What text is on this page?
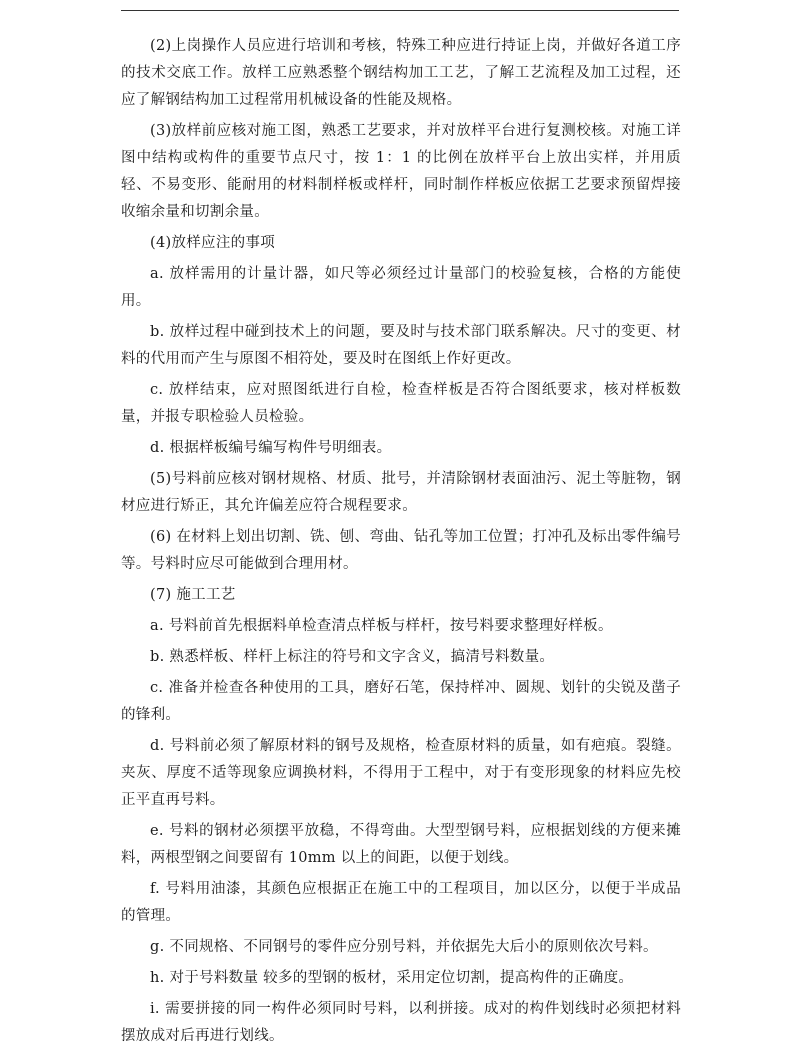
(2)上岗操作人员应进行培训和考核，特殊工种应进行持证上岗，并做好各道工序的技术交底工作。放样工应熟悉整个钢结构加工工艺，了解工艺流程及加工过程，还应了解钢结构加工过程常用机械设备的性能及规格。

(3)放样前应核对施工图，熟悉工艺要求，并对放样平台进行复测校核。对施工详图中结构或构件的重要节点尺寸，按 1：1 的比例在放样平台上放出实样，并用质轻、不易变形、能耐用的材料制样板或样杆，同时制作样板应依据工艺要求预留焊接收缩余量和切割余量。

(4)放样应注的事项

a. 放样需用的计量计器，如尺等必须经过计量部门的校验复核，合格的方能使用。

b. 放样过程中碰到技术上的问题，要及时与技术部门联系解决。尺寸的变更、材料的代用而产生与原图不相符处，要及时在图纸上作好更改。

c. 放样结束，应对照图纸进行自检，检查样板是否符合图纸要求，核对样板数量，并报专职检验人员检验。

d. 根据样板编号编写构件号明细表。

(5)号料前应核对钢材规格、材质、批号，并清除钢材表面油污、泥土等脏物，钢材应进行矫正，其允许偏差应符合规程要求。

(6) 在材料上划出切割、铣、刨、弯曲、钻孔等加工位置；打冲孔及标出零件编号等。号料时应尽可能做到合理用材。

(7) 施工工艺

a. 号料前首先根据料单检查清点样板与样杆，按号料要求整理好样板。

b. 熟悉样板、样杆上标注的符号和文字含义，搞清号料数量。

c. 准备并检查各种使用的工具，磨好石笔，保持样冲、圆规、划针的尖锐及凿子的锋利。

d. 号料前必须了解原材料的钢号及规格，检查原材料的质量，如有疤痕。裂缝。夹灰、厚度不适等现象应调换材料，不得用于工程中，对于有变形现象的材料应先校正平直再号料。

e. 号料的钢材必须摆平放稳，不得弯曲。大型型钢号料，应根据划线的方便来摊料，两根型钢之间要留有 10mm 以上的间距，以便于划线。

f. 号料用油漆，其颜色应根据正在施工中的工程项目，加以区分，以便于半成品的管理。

g. 不同规格、不同钢号的零件应分别号料，并依据先大后小的原则依次号料。

h. 对于号料数量 较多的型钢的板材，采用定位切割，提高构件的正确度。

i. 需要拼接的同一构件必须同时号料，以利拼接。成对的构件划线时必须把材料摆放成对后再进行划线。
